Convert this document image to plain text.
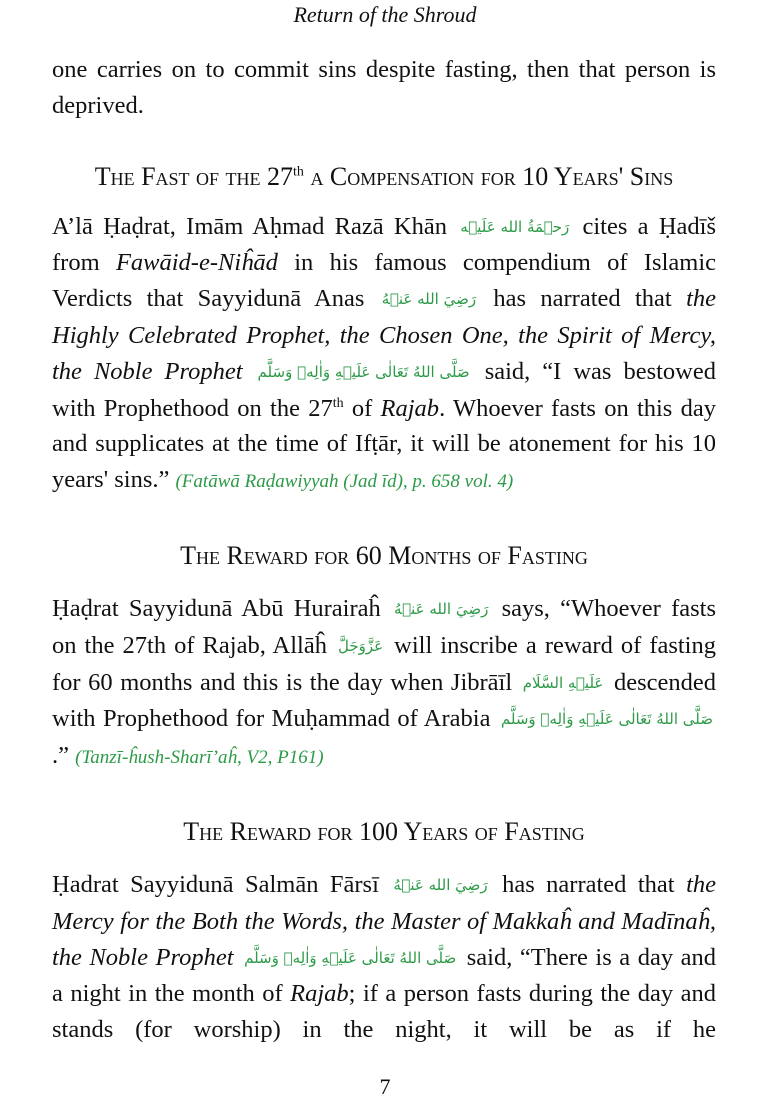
Return of the Shroud

one carries on to commit sins despite fasting, then that person is deprived.

The Fast of the 27th a Compensation for 10 Years' Sins

A’lā Ḥaḍrat, Imām Aḥmad Razā Khān رَحۡمَةُ الله عَلَيۡه cites a Ḥadīš from Fawāid-e-Niĥād in his famous compendium of Islamic Verdicts that Sayyidunā Anas رَضِيَ الله عَنۡهُ has narrated that the Highly Celebrated Prophet, the Chosen One, the Spirit of Mercy, the Noble Prophet صَلَّى اللهُ تَعَالٰى عَلَيۡهِ وَاٰلِهٖ وَسَلَّم said, “I was bestowed with Prophethood on the 27th of Rajab. Whoever fasts on this day and supplicates at the time of Ifṭār, it will be atonement for his 10 years' sins.” (Fatāwā Raḍawiyyah (Jad īd), p. 658 vol. 4)

The Reward for 60 Months of Fasting

Ḥaḍrat Sayyidunā Abū Hurairaĥ رَضِيَ الله عَنۡهُ says, “Whoever fasts on the 27th of Rajab, Allāĥ عَزَّوَجَلَّ will inscribe a reward of fasting for 60 months and this is the day when Jibrāīl عَلَيۡهِ السَّلَام descended with Prophethood for Muḥammad of Arabia صَلَّى اللهُ تَعَالٰى عَلَيۡهِ وَاٰلِهٖ وَسَلَّم.” (Tanzī-ĥush-Sharī’aĥ, V2, P161)

The Reward for 100 Years of Fasting

Ḥadrat Sayyidunā Salmān Fārsī رَضِيَ الله عَنۡهُ has narrated that the Mercy for the Both the Words, the Master of Makkaĥ and Madīnaĥ, the Noble Prophet صَلَّى اللهُ تَعَالٰى عَلَيۡهِ وَاٰلِهٖ وَسَلَّم said, “There is a day and a night in the month of Rajab; if a person fasts during the day and stands (for worship) in the night, it will be as if he

7
